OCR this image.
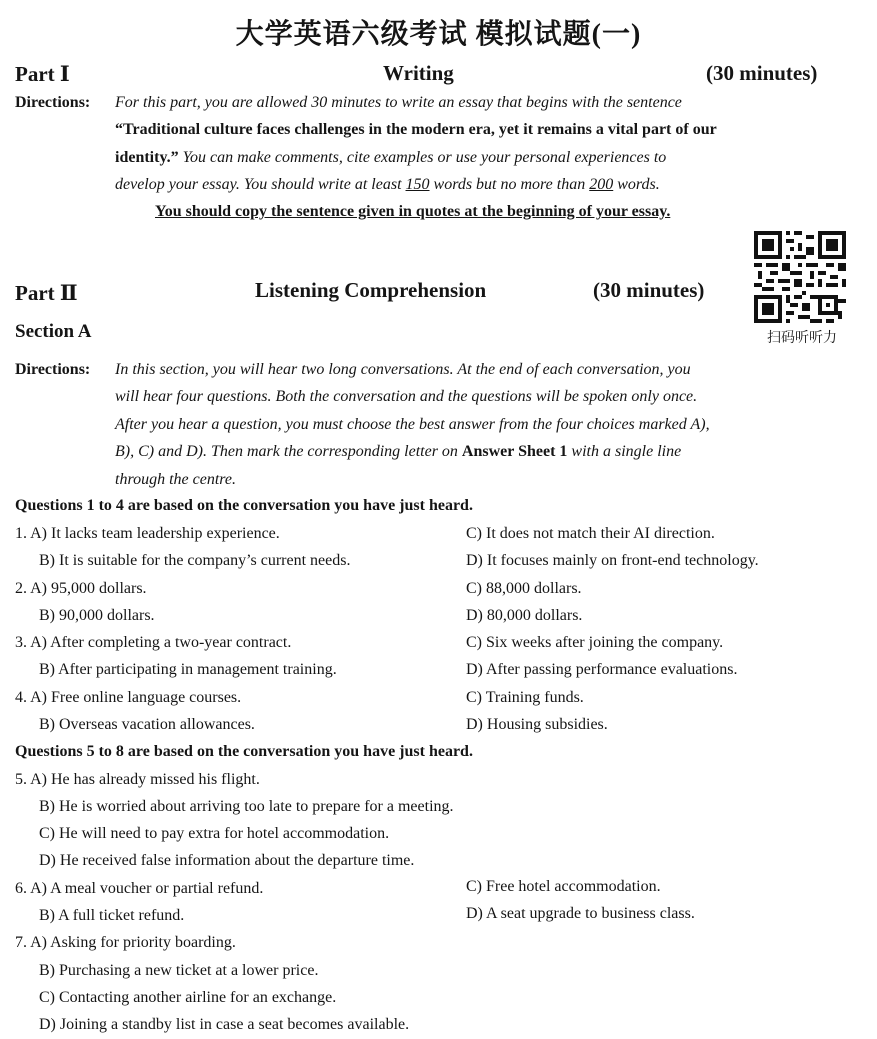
大学英语六级考试 模拟试题(一)
Part Ⅰ	Writing	(30 minutes)
Directions: For this part, you are allowed 30 minutes to write an essay that begins with the sentence
“Traditional culture faces challenges in the modern era, yet it remains a vital part of our
identity.” You can make comments, cite examples or use your personal experiences to
develop your essay. You should write at least 150 words but no more than 200 words.
You should copy the sentence given in quotes at the beginning of your essay.
Part Ⅱ	Listening Comprehension	(30 minutes)
Section A	扫码听听力
Directions: In this section, you will hear two long conversations. At the end of each conversation, you
will hear four questions. Both the conversation and the questions will be spoken only once.
After you hear a question, you must choose the best answer from the four choices marked A),
B), C) and D). Then mark the corresponding letter on Answer Sheet 1 with a single line
through the centre.
Questions 1 to 4 are based on the conversation you have just heard.
1. A) It lacks team leadership experience.	C) It does not match their AI direction.
B) It is suitable for the company’s current needs.	D) It focuses mainly on front-end technology.
2. A) 95,000 dollars.	C) 88,000 dollars.
B) 90,000 dollars.	D) 80,000 dollars.
3. A) After completing a two-year contract.	C) Six weeks after joining the company.
B) After participating in management training.	D) After passing performance evaluations.
4. A) Free online language courses.	C) Training funds.
B) Overseas vacation allowances.	D) Housing subsidies.
Questions 5 to 8 are based on the conversation you have just heard.
5. A) He has already missed his flight.
B) He is worried about arriving too late to prepare for a meeting.
C) He will need to pay extra for hotel accommodation.
D) He received false information about the departure time.
6. A) A meal voucher or partial refund.	C) Free hotel accommodation.
B) A full ticket refund.	D) A seat upgrade to business class.
7. A) Asking for priority boarding.
B) Purchasing a new ticket at a lower price.
C) Contacting another airline for an exchange.
D) Joining a standby list in case a seat becomes available.
